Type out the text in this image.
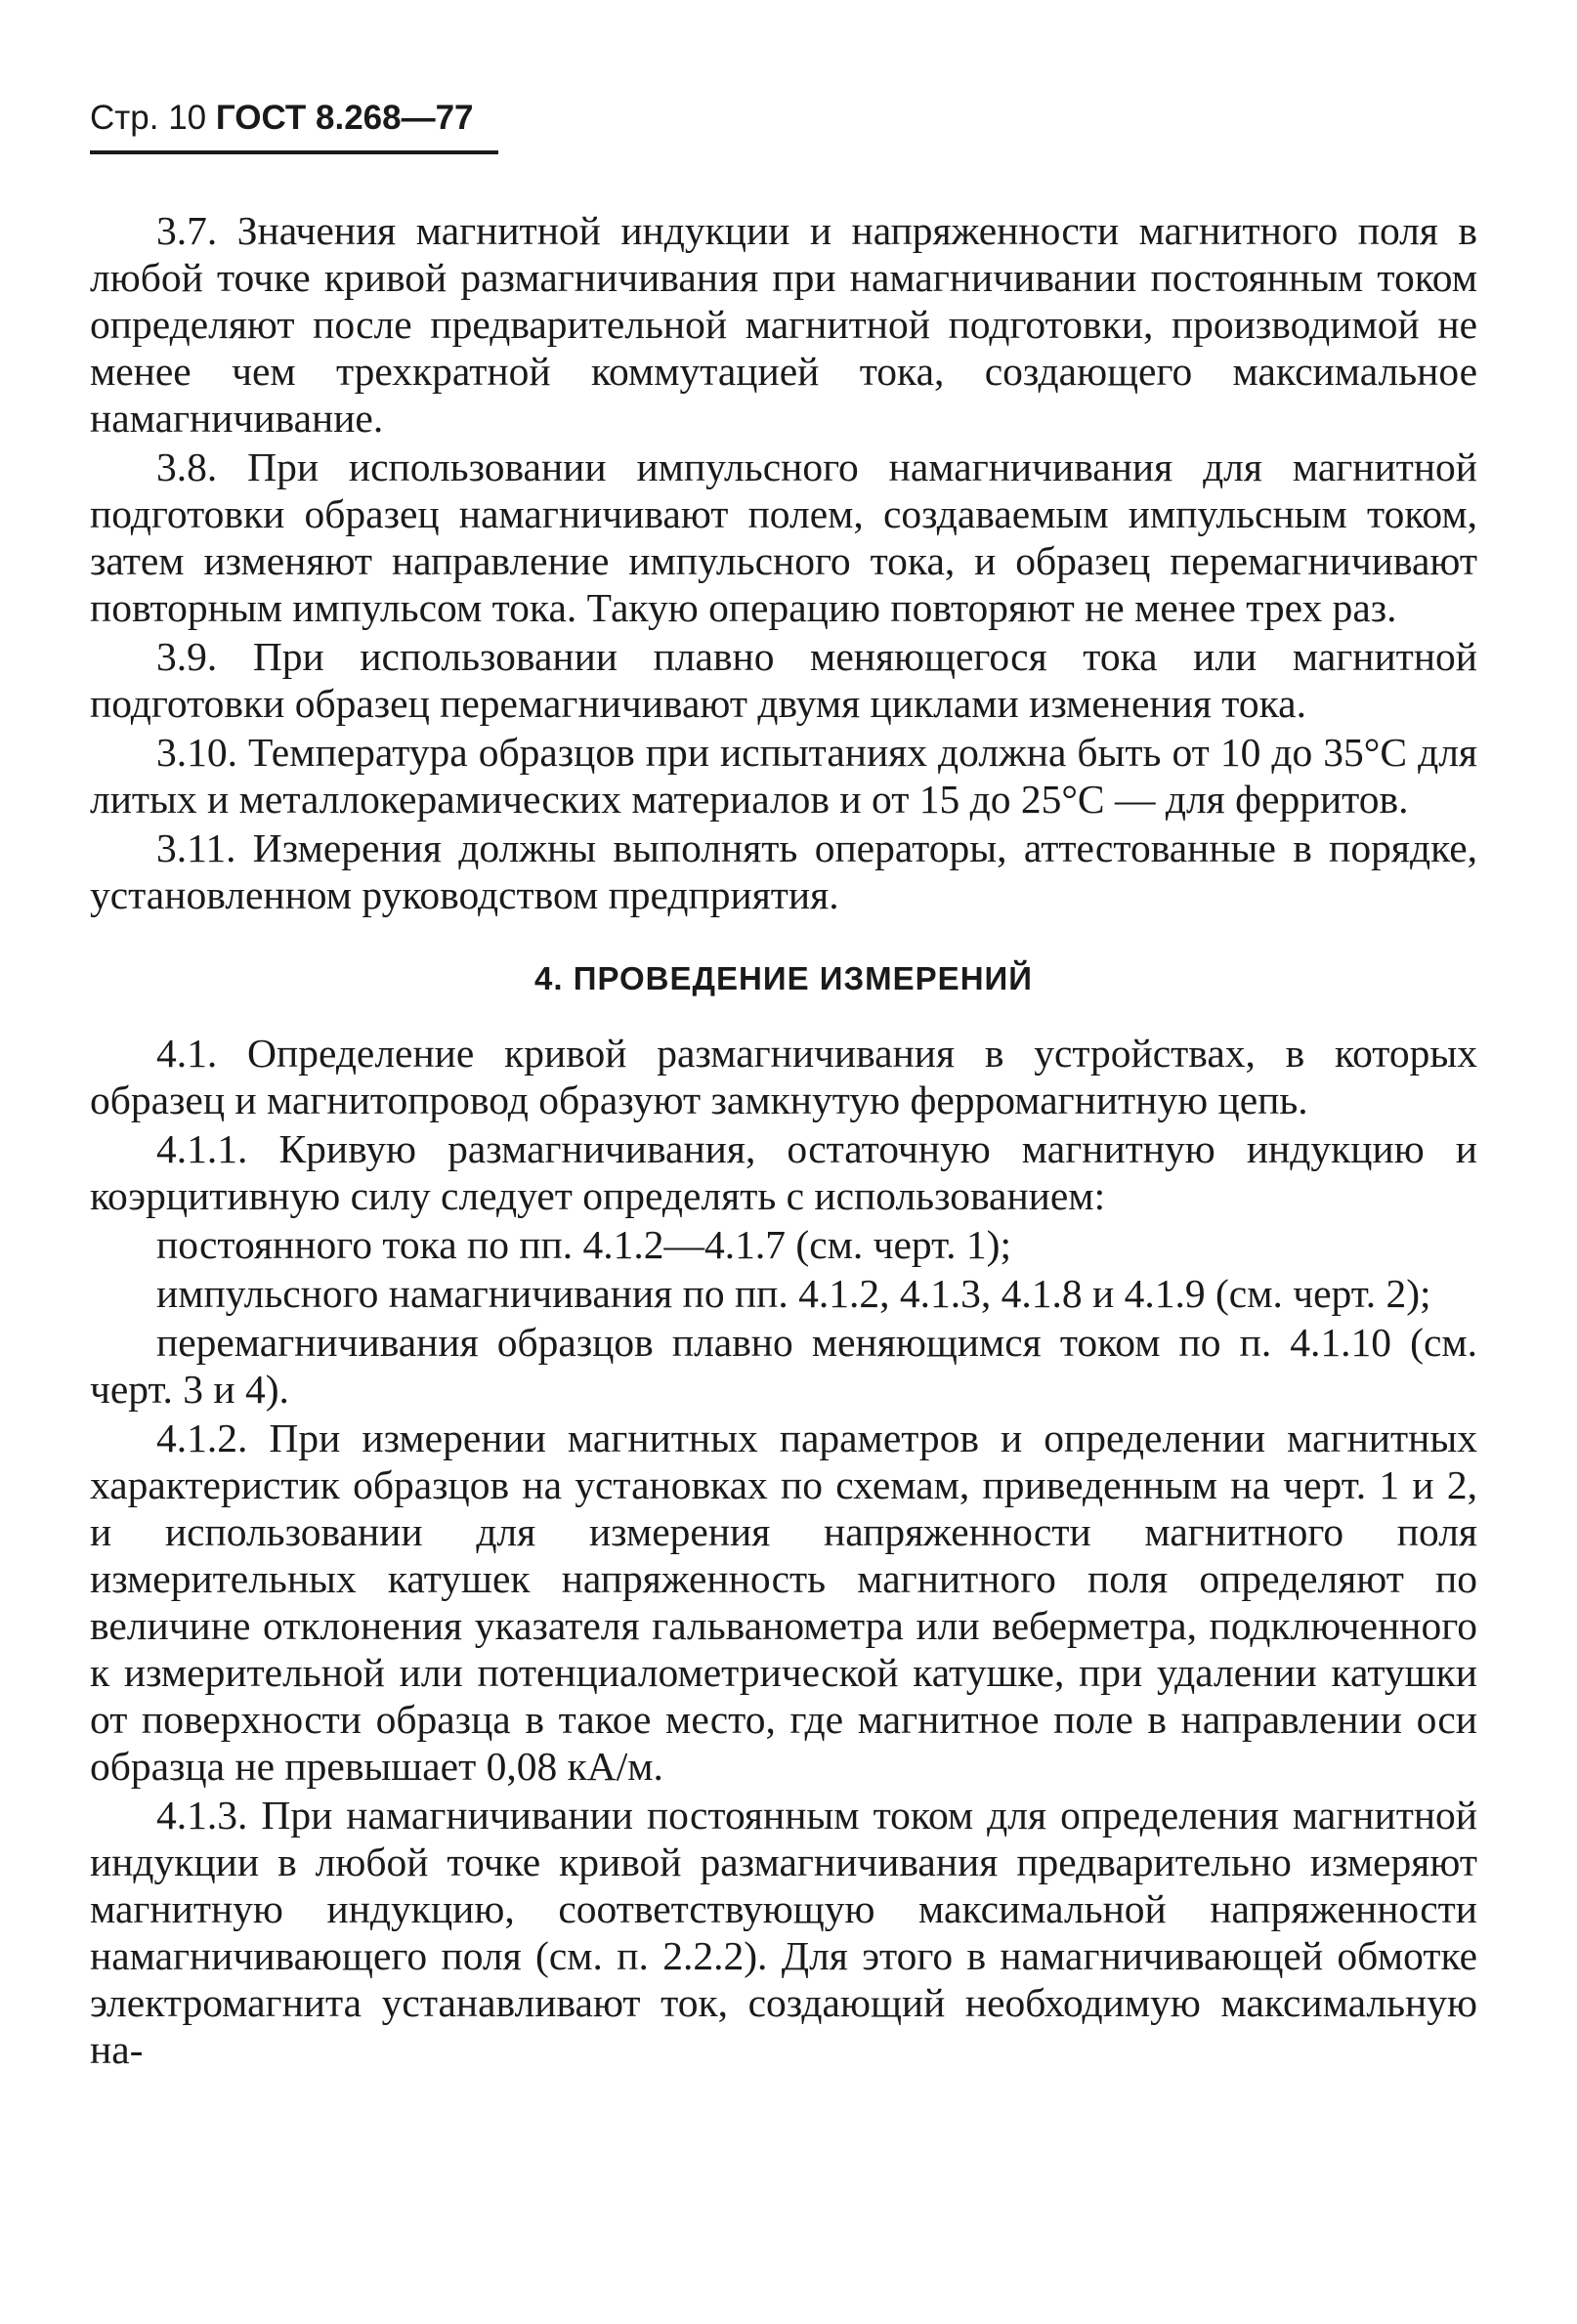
Стр. 10 ГОСТ 8.268—77

3.7. Значения магнитной индукции и напряженности магнитного поля в любой точке кривой размагничивания при намагничивании постоянным током определяют после предварительной магнитной подготовки, производимой не менее чем трехкратной коммутацией тока, создающего максимальное намагничивание.

3.8. При использовании импульсного намагничивания для магнитной подготовки образец намагничивают полем, создаваемым импульсным током, затем изменяют направление импульсного тока, и образец перемагничивают повторным импульсом тока. Такую операцию повторяют не менее трех раз.

3.9. При использовании плавно меняющегося тока или магнитной подготовки образец перемагничивают двумя циклами изменения тока.

3.10. Температура образцов при испытаниях должна быть от 10 до 35°С для литых и металлокерамических материалов и от 15 до 25°С — для ферритов.

3.11. Измерения должны выполнять операторы, аттестованные в порядке, установленном руководством предприятия.

4. ПРОВЕДЕНИЕ ИЗМЕРЕНИЙ

4.1. Определение кривой размагничивания в устройствах, в которых образец и магнитопровод образуют замкнутую ферромагнитную цепь.

4.1.1. Кривую размагничивания, остаточную магнитную индукцию и коэрцитивную силу следует определять с использованием:

постоянного тока по пп. 4.1.2—4.1.7 (см. черт. 1);

импульсного намагничивания по пп. 4.1.2, 4.1.3, 4.1.8 и 4.1.9 (см. черт. 2);

перемагничивания образцов плавно меняющимся током по п. 4.1.10 (см. черт. 3 и 4).

4.1.2. При измерении магнитных параметров и определении магнитных характеристик образцов на установках по схемам, приведенным на черт. 1 и 2, и использовании для измерения напряженности магнитного поля измерительных катушек напряженность магнитного поля определяют по величине отклонения указателя гальванометра или веберметра, подключенного к измерительной или потенциалометрической катушке, при удалении катушки от поверхности образца в такое место, где магнитное поле в направлении оси образца не превышает 0,08 кА/м.

4.1.3. При намагничивании постоянным током для определения магнитной индукции в любой точке кривой размагничивания предварительно измеряют магнитную индукцию, соответствующую максимальной напряженности намагничивающего поля (см. п. 2.2.2). Для этого в намагничивающей обмотке электромагнита устанавливают ток, создающий необходимую максимальную на-
